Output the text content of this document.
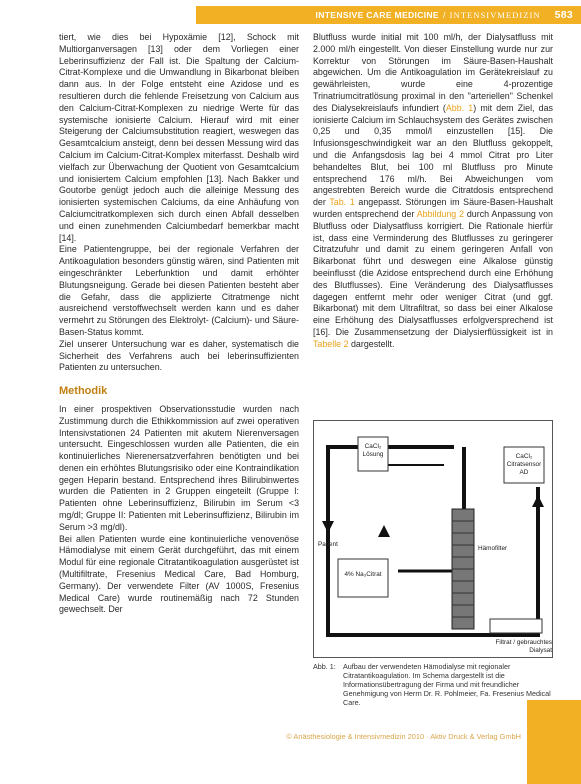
INTENSIVE CARE MEDICINE / INTENSIVMEDIZIN 583

tiert, wie dies bei Hypoxämie [12], Schock mit Multiorganversagen [13] oder dem Vorliegen einer Leberinsuffizienz der Fall ist. Die Spaltung der Calcium-Citrat-Komplexe und die Umwandlung in Bikarbonat bleiben dann aus. In der Folge entsteht eine Azidose und es resultieren durch die fehlende Freisetzung von Calcium aus den Calcium-Citrat-Komplexen zu niedrige Werte für das systemische ionisierte Calcium. Hierauf wird mit einer Steigerung der Calciumsubstitution reagiert, weswegen das Gesamtcalcium ansteigt, denn bei dessen Messung wird das Calcium im Calcium-Citrat-Komplex miterfasst. Deshalb wird vielfach zur Überwachung der Quotient von Gesamtcalcium und ionisiertem Calcium empfohlen [13]. Nach Bakker und Goutorbe genügt jedoch auch die alleinige Messung des ionisierten systemischen Calciums, da eine Anhäufung von Calciumcitratkomplexen sich durch einen Abfall desselben und einen zunehmenden Calciumbedarf bemerkbar macht [14].

Eine Patientengruppe, bei der regionale Verfahren der Antikoagulation besonders günstig wären, sind Patienten mit eingeschränkter Leberfunktion und damit erhöhter Blutungsneigung. Gerade bei diesen Patienten besteht aber die Gefahr, dass die applizierte Citratmenge nicht ausreichend verstoffwechselt werden kann und es daher vermehrt zu Störungen des Elektrolyt- (Calcium)- und Säure-Basen-Status kommt.

Ziel unserer Untersuchung war es daher, systematisch die Sicherheit des Verfahrens auch bei leberinsuffizienten Patienten zu untersuchen.

Methodik

In einer prospektiven Observationsstudie wurden nach Zustimmung durch die Ethikkommission auf zwei operativen Intensivstationen 24 Patienten mit akutem Nierenversagen untersucht. Eingeschlossen wurden alle Patienten, die ein kontinuierliches Nierenersatzverfahren benötigten und bei denen ein erhöhtes Blutungsrisiko oder eine Kontraindikation gegen Heparin bestand. Entsprechend ihres Bilirubinwertes wurden die Patienten in 2 Gruppen eingeteilt (Gruppe I: Patienten ohne Leberinsuffizienz, Bilirubin im Serum <3 mg/dl; Gruppe II: Patienten mit Leberinsuffizienz, Bilirubin im Serum >3 mg/dl).

Bei allen Patienten wurde eine kontinuierliche venovenöse Hämodialyse mit einem Gerät durchgeführt, das mit einem Modul für eine regionale Citratantikoagulation ausgerüstet ist (Multifiltrate, Fresenius Medical Care, Bad Homburg, Germany). Der verwendete Filter (AV 1000S, Fresenius Medical Care) wurde routinemäßig nach 72 Stunden gewechselt. Der

Blutfluss wurde initial mit 100 ml/h, der Dialysatfluss mit 2.000 ml/h eingestellt. Von dieser Einstellung wurde nur zur Korrektur von Störungen im Säure-Basen-Haushalt abgewichen. Um die Antikoagulation im Gerätekreislauf zu gewährleisten, wurde eine 4-prozentige Trinatriumcitratlösung proximal in den "arteriellen" Schenkel des Dialysekreislaufs infundiert (Abb. 1) mit dem Ziel, das ionisierte Calcium im Schlauchsystem des Gerätes zwischen 0,25 und 0,35 mmol/l einzustellen [15]. Die Infusionsgeschwindigkeit war an den Blutfluss gekoppelt, und die Anfangsdosis lag bei 4 mmol Citrat pro Liter behandeltes Blut, bei 100 ml Blutfluss pro Minute entsprechend 176 ml/h. Bei Abweichungen vom angestrebten Bereich wurde die Citratdosis entsprechend der Tab. 1 angepasst. Störungen im Säure-Basen-Haushalt wurden entsprechend der Abbildung 2 durch Anpassung von Blutfluss oder Dialysatfluss korrigiert. Die Rationale hierfür ist, dass eine Verminderung des Blutflusses zu geringerer Citratzufuhr und damit zu einem geringeren Anfall von Bikarbonat führt und deswegen eine Alkalose günstig beeinflusst (die Azidose entsprechend durch eine Erhöhung des Blutflusses). Eine Veränderung des Dialysatflusses dagegen entfernt mehr oder weniger Citrat (und ggf. Bikarbonat) mit dem Ultrafiltrat, so dass bei einer Alkalose eine Erhöhung des Dialysatflusses erfolgversprechend ist [16]. Die Zusammensetzung der Dialysierflüssigkeit ist in Tabelle 2 dargestellt.

CaCl₂ Lösung	CaCl₂ Citratsensor AD
Patient
Hämofilter
4% Na₃Citrat
Filtrat / gebrauchtes Dialysat
Abb. 1:	Aufbau der verwendeten Hämodialyse mit regionaler Citratantikoagulation. Im Schema dargestellt ist die Informationsübertragung der Firma und mit freundlicher Genehmigung von Herrn Dr. R. Pohlmeier, Fa. Fresenius Medical Care.
© Anästhesiologie & Intensivmedizin 2010 · Aktiv Druck & Verlag GmbH
